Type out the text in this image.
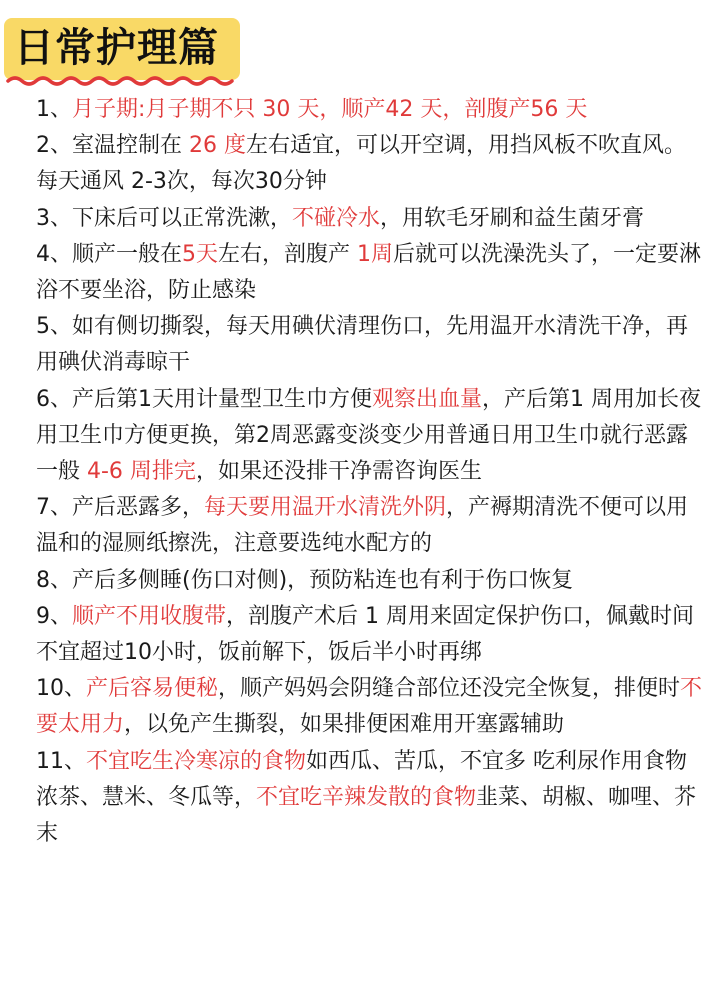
日常护理篇

1、月子期:月子期不只 30 天，顺产42 天，剖腹产56 天

2、室温控制在 26 度左右适宜，可以开空调，用挡风板不吹直风。每天通风 2-3次，每次30分钟

3、下床后可以正常洗漱，不碰冷水，用软毛牙刷和益生菌牙膏

4、顺产一般在5天左右，剖腹产 1周后就可以洗澡洗头了，一定要淋浴不要坐浴，防止感染

5、如有侧切撕裂，每天用碘伏清理伤口，先用温开水清洗干净，再用碘伏消毒晾干

6、产后第1天用计量型卫生巾方便观察出血量，产后第1 周用加长夜用卫生巾方便更换，第2周恶露变淡变少用普通日用卫生巾就行恶露一般 4-6 周排完，如果还没排干净需咨询医生

7、产后恶露多，每天要用温开水清洗外阴，产褥期清洗不便可以用温和的湿厕纸擦洗，注意要选纯水配方的

8、产后多侧睡(伤口对侧)，预防粘连也有利于伤口恢复

9、顺产不用收腹带，剖腹产术后 1 周用来固定保护伤口，佩戴时间不宜超过10小时，饭前解下，饭后半小时再绑

10、产后容易便秘，顺产妈妈会阴缝合部位还没完全恢复，排便时不要太用力，以免产生撕裂，如果排便困难用开塞露辅助

11、不宜吃生冷寒凉的食物如西瓜、苦瓜，不宜多 吃利尿作用食物浓茶、慧米、冬瓜等，不宜吃辛辣发散的食物韭菜、胡椒、咖哩、芥末
